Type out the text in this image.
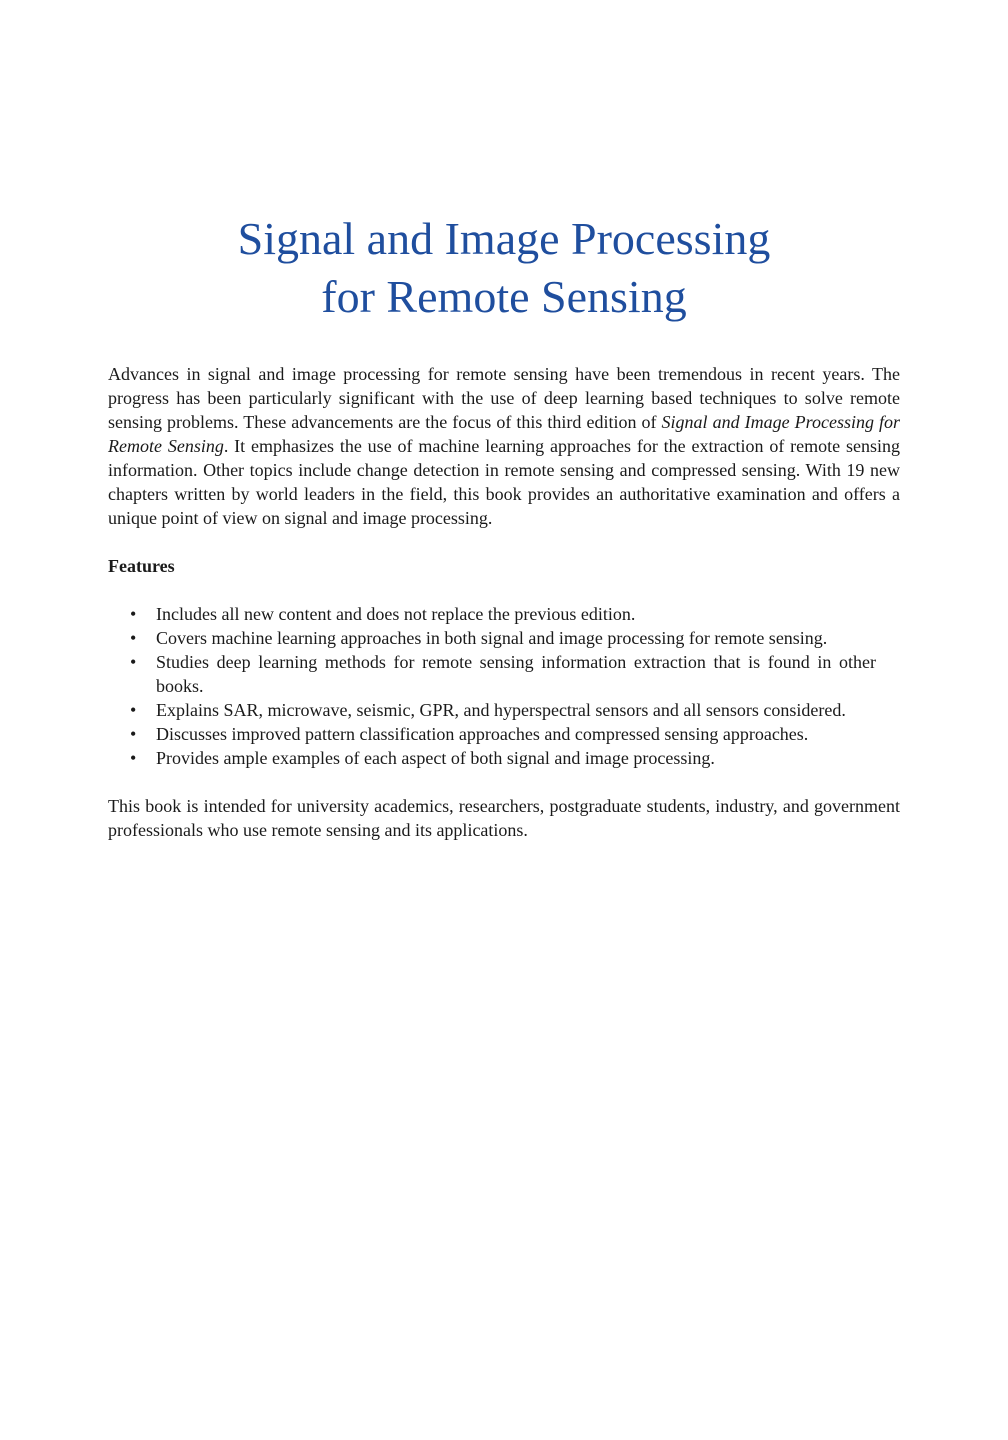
Signal and Image Processing
for Remote Sensing

Advances in signal and image processing for remote sensing have been tremendous in recent years. The progress has been particularly significant with the use of deep learning based techniques to solve remote sensing problems. These advancements are the focus of this third edition of Signal and Image Processing for Remote Sensing. It emphasizes the use of machine learning approaches for the extraction of remote sensing information. Other topics include change detection in remote sensing and compressed sensing. With 19 new chapters written by world leaders in the field, this book provides an authoritative examination and offers a unique point of view on signal and image processing.

Features

• Includes all new content and does not replace the previous edition.
• Covers machine learning approaches in both signal and image processing for remote sensing.
• Studies deep learning methods for remote sensing information extraction that is found in other books.
• Explains SAR, microwave, seismic, GPR, and hyperspectral sensors and all sensors considered.
• Discusses improved pattern classification approaches and compressed sensing approaches.
• Provides ample examples of each aspect of both signal and image processing.

This book is intended for university academics, researchers, postgraduate students, industry, and government professionals who use remote sensing and its applications.
